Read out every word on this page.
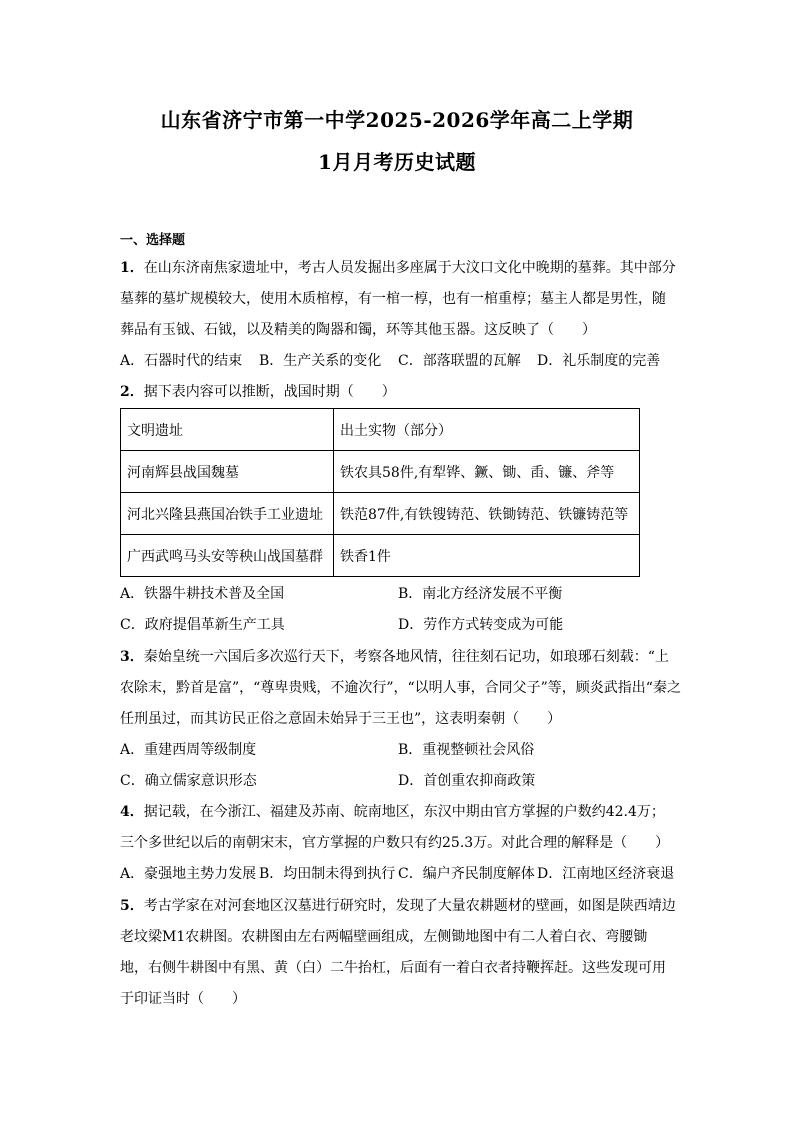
山东省济宁市第一中学2025-2026学年高二上学期
1月月考历史试题
一、选择题
1．在山东济南焦家遗址中，考古人员发掘出多座属于大汶口文化中晚期的墓葬。其中部分
墓葬的墓圹规模较大，使用木质棺椁，有一棺一椁，也有一棺重椁；墓主人都是男性，随
葬品有玉钺、石钺，以及精美的陶器和镯，环等其他玉器。这反映了（　　）
A．石器时代的结束 B．生产关系的变化 C．部落联盟的瓦解 D．礼乐制度的完善
2．据下表内容可以推断，战国时期（　　）
文明遗址	出土实物（部分）
河南辉县战国魏墓	铁农具58件,有犁铧、鐝、锄、臿、镰、斧等
河北兴隆县燕国冶铁手工业遗址	铁范87件,有铁锼铸范、铁锄铸范、铁镰铸范等
广西武鸣马头安等秧山战国墓群	铁香1件
A．铁器牛耕技术普及全国	B．南北方经济发展不平衡
C．政府提倡革新生产工具	D．劳作方式转变成为可能
3．秦始皇统一六国后多次巡行天下，考察各地风情，往往刻石记功，如琅琊石刻载：“上
农除末，黔首是富”，“尊卑贵贱，不逾次行”，“以明人事，合同父子”等，顾炎武指出“秦之
任刑虽过，而其访民正俗之意固未始异于三王也”，这表明秦朝（　　）
A．重建西周等级制度	B．重视整顿社会风俗
C．确立儒家意识形态	D．首创重农抑商政策
4．据记载，在今浙江、福建及苏南、皖南地区，东汉中期由官方掌握的户数约42.4万；
三个多世纪以后的南朝宋末，官方掌握的户数只有约25.3万。对此合理的解释是（　　）
A．豪强地主势力发展 B．均田制未得到执行 C．编户齐民制度解体 D．江南地区经济衰退
5．考古学家在对河套地区汉墓进行研究时，发现了大量农耕题材的壁画，如图是陕西靖边
老坟梁M1农耕图。农耕图由左右两幅壁画组成，左侧锄地图中有二人着白衣、弯腰锄
地，右侧牛耕图中有黑、黄（白）二牛抬杠，后面有一着白衣者持鞭挥赶。这些发现可用
于印证当时（　　）
